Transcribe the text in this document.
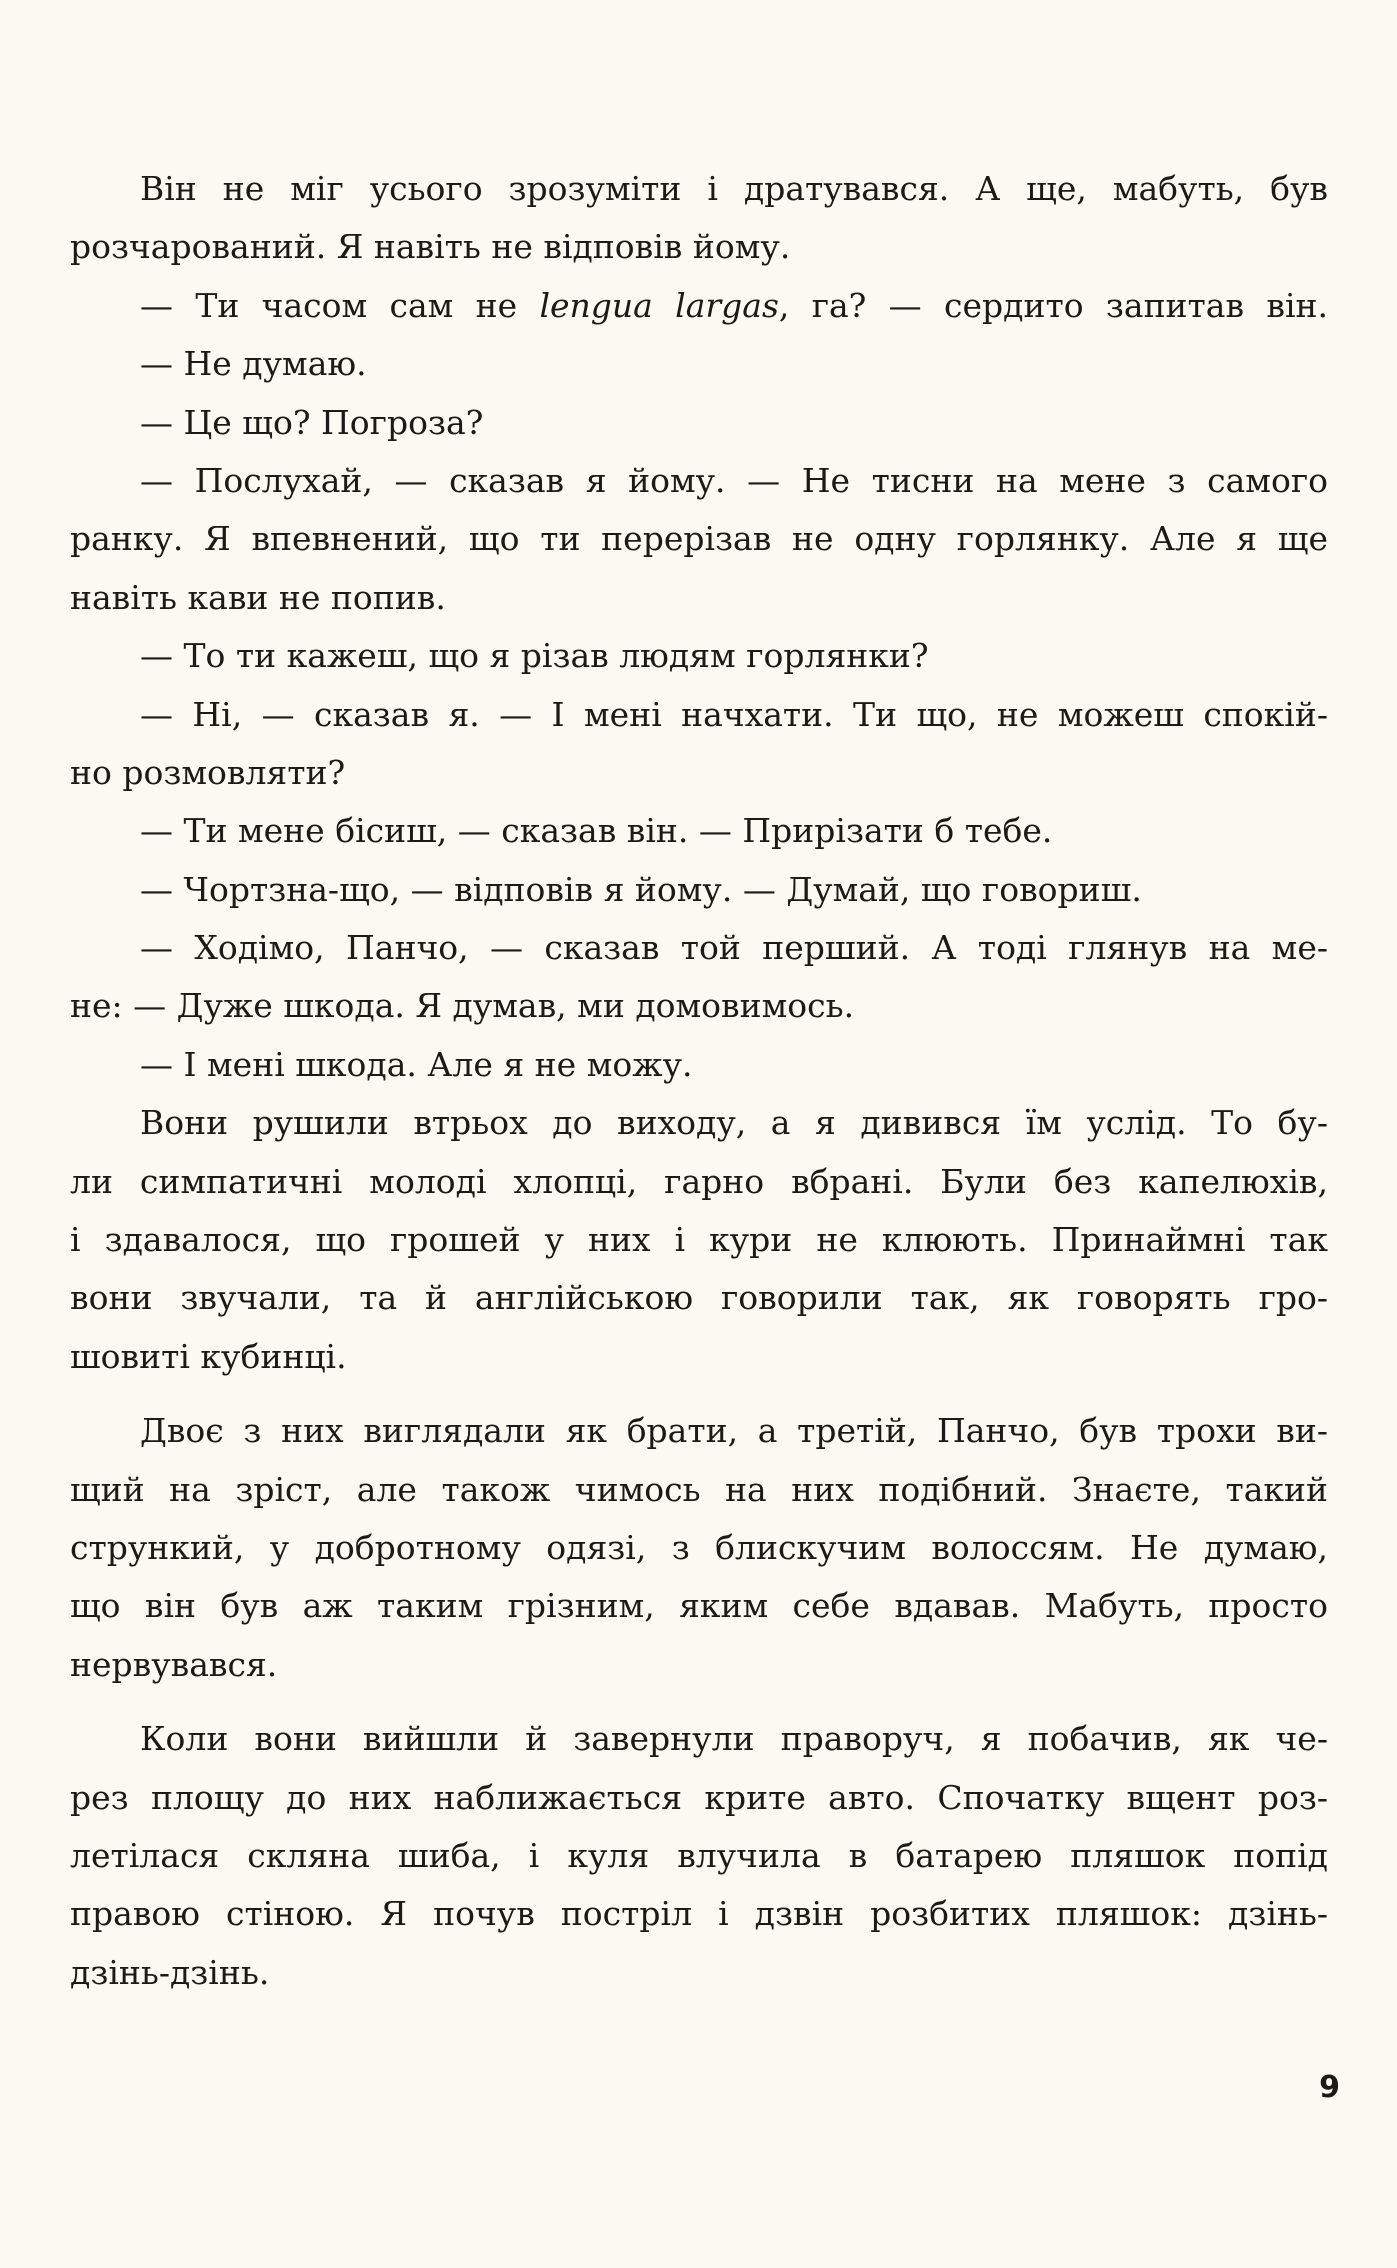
Він не міг усього зрозуміти і дратувався. А ще, мабуть, був
розчарований. Я навіть не відповів йому.
— Ти часом сам не lengua largas, га? — сердито запитав він.
— Не думаю.
— Це що? Погроза?
— Послухай, — сказав я йому. — Не тисни на мене з самого
ранку. Я впевнений, що ти перерізав не одну горлянку. Але я ще
навіть кави не попив.
— То ти кажеш, що я різав людям горлянки?
— Ні, — сказав я. — І мені начхати. Ти що, не можеш спокій-
но розмовляти?
— Ти мене бісиш, — сказав він. — Прирізати б тебе.
— Чортзна-що, — відповів я йому. — Думай, що говориш.
— Ходімо, Панчо, — сказав той перший. А тоді глянув на ме-
не: — Дуже шкода. Я думав, ми домовимось.
— І мені шкода. Але я не можу.
Вони рушили втрьох до виходу, а я дивився їм услід. То бу-
ли симпатичні молоді хлопці, гарно вбрані. Були без капелюхів,
і здавалося, що грошей у них і кури не клюють. Принаймні так
вони звучали, та й англійською говорили так, як говорять гро-
шовиті кубинці.
Двоє з них виглядали як брати, а третій, Панчо, був трохи ви-
щий на зріст, але також чимось на них подібний. Знаєте, такий
стрункий, у добротному одязі, з блискучим волоссям. Не думаю,
що він був аж таким грізним, яким себе вдавав. Мабуть, просто
нервувався.
Коли вони вийшли й завернули праворуч, я побачив, як че-
рез площу до них наближається крите авто. Спочатку вщент роз-
летілася скляна шиба, і куля влучила в батарею пляшок попід
правою стіною. Я почув постріл і дзвін розбитих пляшок: дзінь-
дзінь-дзінь.
9
